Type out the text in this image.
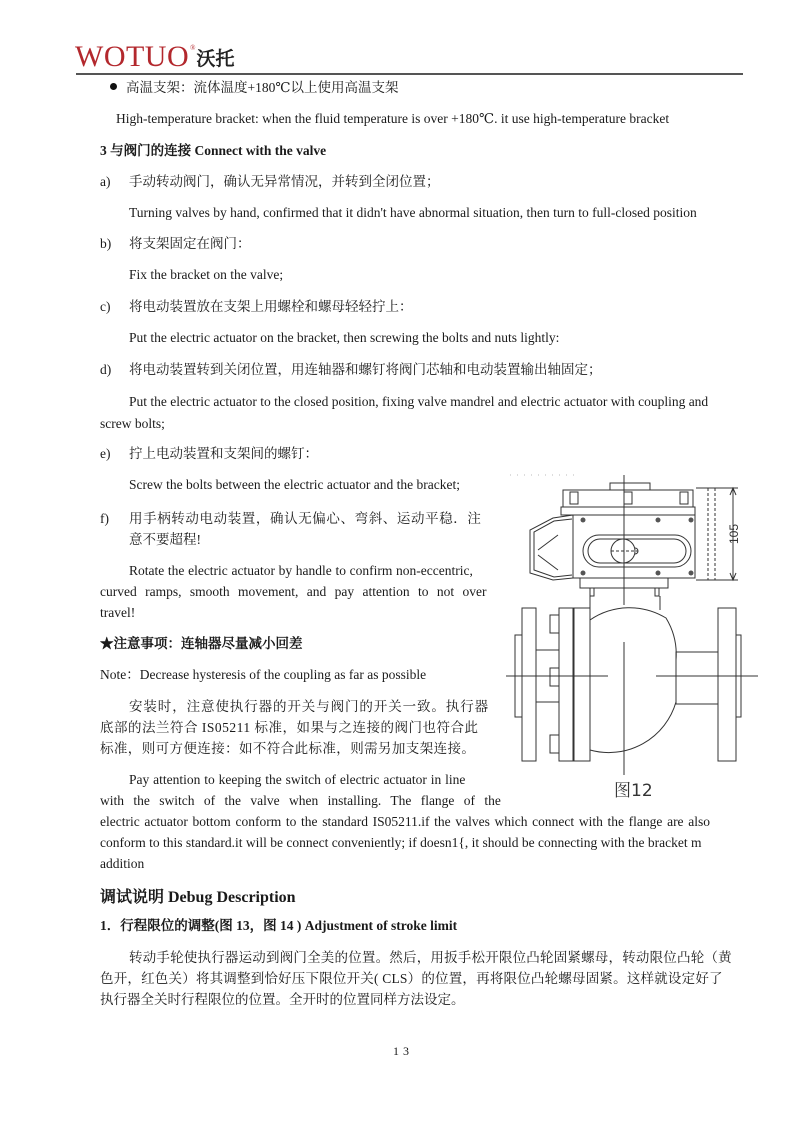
WOTUO ® 沃托
高温支架：流体温度+180℃以上使用高温支架
High-temperature bracket: when the fluid temperature is over +180℃. it use high-temperature bracket
3 与阀门的连接 Connect with the valve
a) 手动转动阀门，确认无异常情况，并转到全闭位置；
Turning valves by hand, confirmed that it didn't have abnormal situation, then turn to full-closed position
b) 将支架固定在阀门：
Fix the bracket on the valve;
c) 将电动装置放在支架上用螺栓和螺母轻轻拧上：
Put the electric actuator on the bracket, then screwing the bolts and nuts lightly:
d) 将电动装置转到关闭位置，用连轴器和螺钉将阀门芯轴和电动装置输出轴固定；
Put the electric actuator to the closed position, fixing valve mandrel and electric actuator with coupling and
screw bolts;
e) 拧上电动装置和支架间的螺钉：
Screw the bolts between the electric actuator and the bracket;
f) 用手柄转动电动装置，确认无偏心、弯斜、运动平稳．注
意不要超程!
Rotate the electric actuator by handle to confirm non-eccentric,
curved ramps, smooth movement, and pay attention to not over
travel!
★注意事项：连轴器尽量减小回差
Note：Decrease hysteresis of the coupling as far as possible
安装时，注意使执行器的开关与阀门的开关一致。执行器
底部的法兰符合 IS05211 标准，如果与之连接的阀门也符合此
标准，则可方便连接：如不符合此标准，则需另加支架连接。
Pay attention to keeping the switch of electric actuator in line
with the switch of the valve when installing. The flange of the
electric actuator bottom conform to the standard IS05211.if the valves which connect with the flange are also
conform to this standard.it will be connect conveniently; if doesn1{, it should be connecting with the bracket m
addition
105
图12
调试说明 Debug Description
1．行程限位的调整(图 13，图 14 ) Adjustment of stroke limit
转动手轮使执行器运动到阀门全美的位置。然后，用扳手松开限位凸轮固紧螺母，转动限位凸轮（黄
色开，红色关）将其调整到恰好压下限位开关( CLS）的位置，再将限位凸轮螺母固紧。这样就设定好了
执行器全关时行程限位的位置。全开时的位置同样方法设定。
13
